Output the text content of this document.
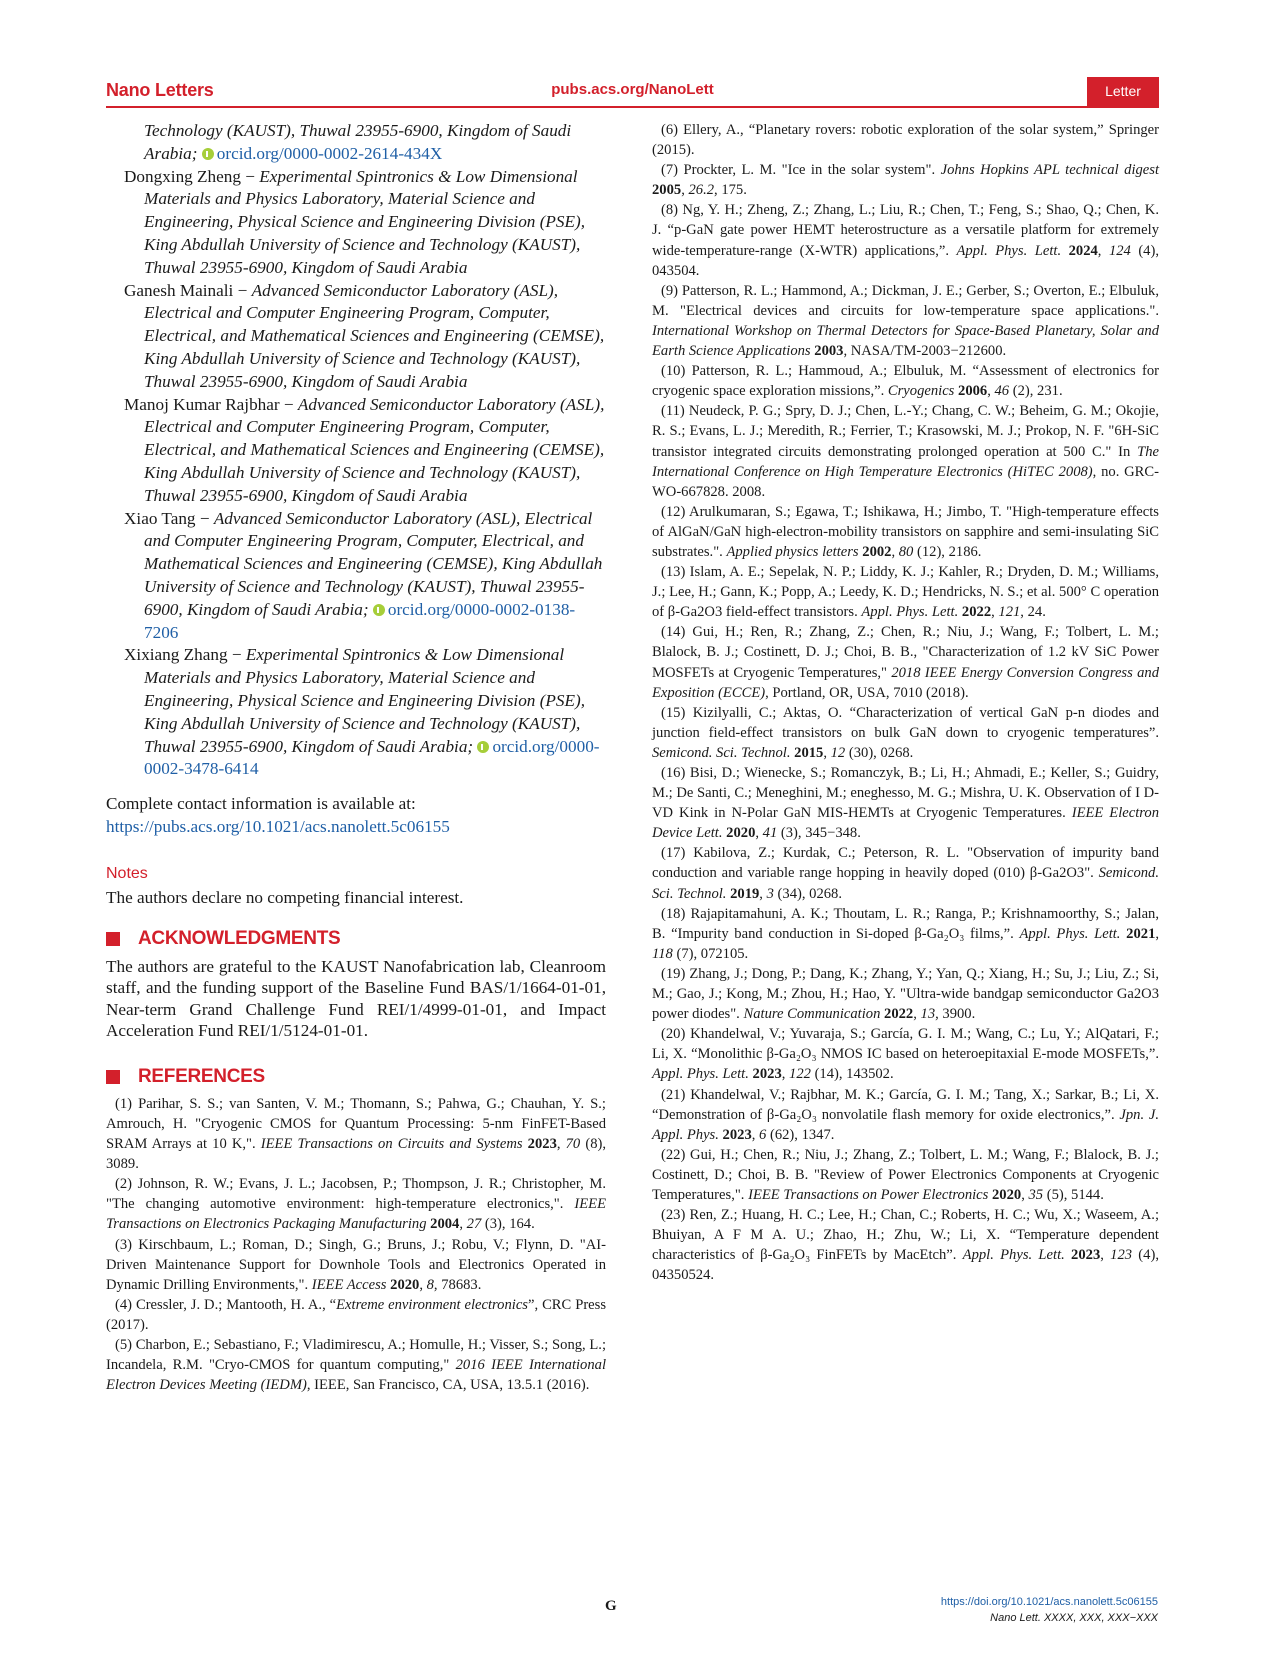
Nano Letters	pubs.acs.org/NanoLett	Letter

Technology (KAUST), Thuwal 23955-6900, Kingdom of Saudi Arabia; orcid.org/0000-0002-2614-434X

Dongxing Zheng − Experimental Spintronics & Low Dimensional Materials and Physics Laboratory, Material Science and Engineering, Physical Science and Engineering Division (PSE), King Abdullah University of Science and Technology (KAUST), Thuwal 23955-6900, Kingdom of Saudi Arabia

Ganesh Mainali − Advanced Semiconductor Laboratory (ASL), Electrical and Computer Engineering Program, Computer, Electrical, and Mathematical Sciences and Engineering (CEMSE), King Abdullah University of Science and Technology (KAUST), Thuwal 23955-6900, Kingdom of Saudi Arabia

Manoj Kumar Rajbhar − Advanced Semiconductor Laboratory (ASL), Electrical and Computer Engineering Program, Computer, Electrical, and Mathematical Sciences and Engineering (CEMSE), King Abdullah University of Science and Technology (KAUST), Thuwal 23955-6900, Kingdom of Saudi Arabia

Xiao Tang − Advanced Semiconductor Laboratory (ASL), Electrical and Computer Engineering Program, Computer, Electrical, and Mathematical Sciences and Engineering (CEMSE), King Abdullah University of Science and Technology (KAUST), Thuwal 23955-6900, Kingdom of Saudi Arabia; orcid.org/0000-0002-0138-7206

Xixiang Zhang − Experimental Spintronics & Low Dimensional Materials and Physics Laboratory, Material Science and Engineering, Physical Science and Engineering Division (PSE), King Abdullah University of Science and Technology (KAUST), Thuwal 23955-6900, Kingdom of Saudi Arabia; orcid.org/0000-0002-3478-6414

Complete contact information is available at:
https://pubs.acs.org/10.1021/acs.nanolett.5c06155
Notes
The authors declare no competing financial interest.
ACKNOWLEDGMENTS
The authors are grateful to the KAUST Nanofabrication lab, Cleanroom staff, and the funding support of the Baseline Fund BAS/1/1664-01-01, Near-term Grand Challenge Fund REI/1/4999-01-01, and Impact Acceleration Fund REI/1/5124-01-01.
REFERENCES

(1) Parihar, S. S.; van Santen, V. M.; Thomann, S.; Pahwa, G.; Chauhan, Y. S.; Amrouch, H. "Cryogenic CMOS for Quantum Processing: 5-nm FinFET-Based SRAM Arrays at 10 K,". IEEE Transactions on Circuits and Systems 2023, 70 (8), 3089.

(2) Johnson, R. W.; Evans, J. L.; Jacobsen, P.; Thompson, J. R.; Christopher, M. "The changing automotive environment: high-temperature electronics,". IEEE Transactions on Electronics Packaging Manufacturing 2004, 27 (3), 164.

(3) Kirschbaum, L.; Roman, D.; Singh, G.; Bruns, J.; Robu, V.; Flynn, D. "AI-Driven Maintenance Support for Downhole Tools and Electronics Operated in Dynamic Drilling Environments,". IEEE Access 2020, 8, 78683.

(4) Cressler, J. D.; Mantooth, H. A., “Extreme environment electronics”, CRC Press (2017).

(5) Charbon, E.; Sebastiano, F.; Vladimirescu, A.; Homulle, H.; Visser, S.; Song, L.; Incandela, R.M. "Cryo-CMOS for quantum computing," 2016 IEEE International Electron Devices Meeting (IEDM), IEEE, San Francisco, CA, USA, 13.5.1 (2016).

(6) Ellery, A., “Planetary rovers: robotic exploration of the solar system,” Springer (2015).

(7) Prockter, L. M. "Ice in the solar system". Johns Hopkins APL technical digest 2005, 26.2, 175.

(8) Ng, Y. H.; Zheng, Z.; Zhang, L.; Liu, R.; Chen, T.; Feng, S.; Shao, Q.; Chen, K. J. “p-GaN gate power HEMT heterostructure as a versatile platform for extremely wide-temperature-range (X-WTR) applications,”. Appl. Phys. Lett. 2024, 124 (4), 043504.

(9) Patterson, R. L.; Hammond, A.; Dickman, J. E.; Gerber, S.; Overton, E.; Elbuluk, M. "Electrical devices and circuits for low-temperature space applications.". International Workshop on Thermal Detectors for Space-Based Planetary, Solar and Earth Science Applications 2003, NASA/TM-2003−212600.

(10) Patterson, R. L.; Hammoud, A.; Elbuluk, M. “Assessment of electronics for cryogenic space exploration missions,”. Cryogenics 2006, 46 (2), 231.

(11) Neudeck, P. G.; Spry, D. J.; Chen, L.-Y.; Chang, C. W.; Beheim, G. M.; Okojie, R. S.; Evans, L. J.; Meredith, R.; Ferrier, T.; Krasowski, M. J.; Prokop, N. F. "6H-SiC transistor integrated circuits demonstrating prolonged operation at 500 C." In The International Conference on High Temperature Electronics (HiTEC 2008), no. GRC-WO-667828. 2008.

(12) Arulkumaran, S.; Egawa, T.; Ishikawa, H.; Jimbo, T. "High-temperature effects of AlGaN/GaN high-electron-mobility transistors on sapphire and semi-insulating SiC substrates.". Applied physics letters 2002, 80 (12), 2186.

(13) Islam, A. E.; Sepelak, N. P.; Liddy, K. J.; Kahler, R.; Dryden, D. M.; Williams, J.; Lee, H.; Gann, K.; Popp, A.; Leedy, K. D.; Hendricks, N. S.; et al. 500° C operation of β-Ga2O3 field-effect transistors. Appl. Phys. Lett. 2022, 121, 24.

(14) Gui, H.; Ren, R.; Zhang, Z.; Chen, R.; Niu, J.; Wang, F.; Tolbert, L. M.; Blalock, B. J.; Costinett, D. J.; Choi, B. B., "Characterization of 1.2 kV SiC Power MOSFETs at Cryogenic Temperatures," 2018 IEEE Energy Conversion Congress and Exposition (ECCE), Portland, OR, USA, 7010 (2018).

(15) Kizilyalli, C.; Aktas, O. “Characterization of vertical GaN p-n diodes and junction field-effect transistors on bulk GaN down to cryogenic temperatures”. Semicond. Sci. Technol. 2015, 12 (30), 0268.

(16) Bisi, D.; Wienecke, S.; Romanczyk, B.; Li, H.; Ahmadi, E.; Keller, S.; Guidry, M.; De Santi, C.; Meneghini, M.; eneghesso, M. G.; Mishra, U. K. Observation of I D-VD Kink in N-Polar GaN MIS-HEMTs at Cryogenic Temperatures. IEEE Electron Device Lett. 2020, 41 (3), 345−348.

(17) Kabilova, Z.; Kurdak, C.; Peterson, R. L. "Observation of impurity band conduction and variable range hopping in heavily doped (010) β-Ga2O3". Semicond. Sci. Technol. 2019, 3 (34), 0268.

(18) Rajapitamahuni, A. K.; Thoutam, L. R.; Ranga, P.; Krishnamoorthy, S.; Jalan, B. “Impurity band conduction in Si-doped β-Ga₂O₃ films,”. Appl. Phys. Lett. 2021, 118 (7), 072105.

(19) Zhang, J.; Dong, P.; Dang, K.; Zhang, Y.; Yan, Q.; Xiang, H.; Su, J.; Liu, Z.; Si, M.; Gao, J.; Kong, M.; Zhou, H.; Hao, Y. "Ultra-wide bandgap semiconductor Ga2O3 power diodes". Nature Communication 2022, 13, 3900.

(20) Khandelwal, V.; Yuvaraja, S.; García, G. I. M.; Wang, C.; Lu, Y.; AlQatari, F.; Li, X. “Monolithic β-Ga₂O₃ NMOS IC based on heteroepitaxial E-mode MOSFETs,”. Appl. Phys. Lett. 2023, 122 (14), 143502.

(21) Khandelwal, V.; Rajbhar, M. K.; García, G. I. M.; Tang, X.; Sarkar, B.; Li, X. “Demonstration of β-Ga₂O₃ nonvolatile flash memory for oxide electronics,”. Jpn. J. Appl. Phys. 2023, 6 (62), 1347.

(22) Gui, H.; Chen, R.; Niu, J.; Zhang, Z.; Tolbert, L. M.; Wang, F.; Blalock, B. J.; Costinett, D.; Choi, B. B. "Review of Power Electronics Components at Cryogenic Temperatures,". IEEE Transactions on Power Electronics 2020, 35 (5), 5144.

(23) Ren, Z.; Huang, H. C.; Lee, H.; Chan, C.; Roberts, H. C.; Wu, X.; Waseem, A.; Bhuiyan, A F M A. U.; Zhao, H.; Zhu, W.; Li, X. “Temperature dependent characteristics of β-Ga₂O₃ FinFETs by MacEtch”. Appl. Phys. Lett. 2023, 123 (4), 04350524.

G	https://doi.org/10.1021/acs.nanolett.5c06155
Nano Lett. XXXX, XXX, XXX−XXX
